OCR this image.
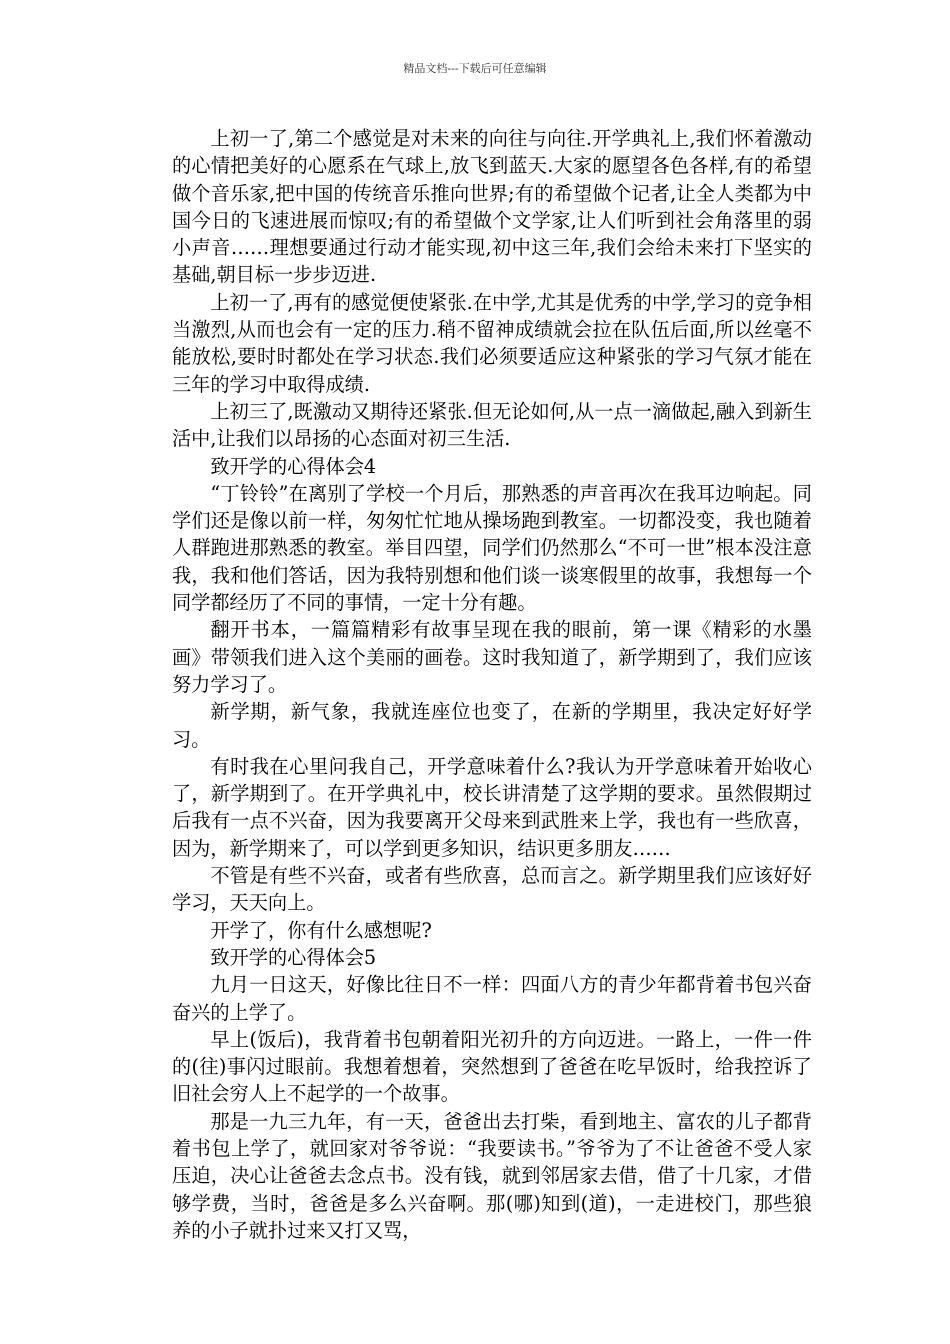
精品文档---下载后可任意编辑

上初一了,第二个感觉是对未来的向往与向往.开学典礼上,我们怀着激动的心情把美好的心愿系在气球上,放飞到蓝天.大家的愿望各色各样,有的希望做个音乐家,把中国的传统音乐推向世界;有的希望做个记者,让全人类都为中国今日的飞速进展而惊叹;有的希望做个文学家,让人们听到社会角落里的弱小声音……理想要通过行动才能实现,初中这三年,我们会给未来打下坚实的基础,朝目标一步步迈进.

上初一了,再有的感觉便使紧张.在中学,尤其是优秀的中学,学习的竞争相当激烈,从而也会有一定的压力.稍不留神成绩就会拉在队伍后面,所以丝毫不能放松,要时时都处在学习状态.我们必须要适应这种紧张的学习气氛才能在三年的学习中取得成绩.

上初三了,既激动又期待还紧张.但无论如何,从一点一滴做起,融入到新生活中,让我们以昂扬的心态面对初三生活.

致开学的心得体会4

“丁铃铃”在离别了学校一个月后，那熟悉的声音再次在我耳边响起。同学们还是像以前一样，匆匆忙忙地从操场跑到教室。一切都没变，我也随着人群跑进那熟悉的教室。举目四望，同学们仍然那么“不可一世”根本没注意我，我和他们答话，因为我特别想和他们谈一谈寒假里的故事，我想每一个同学都经历了不同的事情，一定十分有趣。

翻开书本，一篇篇精彩有故事呈现在我的眼前，第一课《精彩的水墨画》带领我们进入这个美丽的画卷。这时我知道了，新学期到了，我们应该努力学习了。

新学期，新气象，我就连座位也变了，在新的学期里，我决定好好学习。

有时我在心里问我自己，开学意味着什么?我认为开学意味着开始收心了，新学期到了。在开学典礼中，校长讲清楚了这学期的要求。虽然假期过后我有一点不兴奋，因为我要离开父母来到武胜来上学，我也有一些欣喜，因为，新学期来了，可以学到更多知识，结识更多朋友……

不管是有些不兴奋，或者有些欣喜，总而言之。新学期里我们应该好好学习，天天向上。

开学了，你有什么感想呢?

致开学的心得体会5

九月一日这天，好像比往日不一样：四面八方的青少年都背着书包兴奋奋兴的上学了。

早上(饭后)，我背着书包朝着阳光初升的方向迈进。一路上，一件一件的(往)事闪过眼前。我想着想着，突然想到了爸爸在吃早饭时，给我控诉了旧社会穷人上不起学的一个故事。

那是一九三九年，有一天，爸爸出去打柴，看到地主、富农的儿子都背着书包上学了，就回家对爷爷说：“我要读书。”爷爷为了不让爸爸不受人家压迫，决心让爸爸去念点书。没有钱，就到邻居家去借，借了十几家，才借够学费，当时，爸爸是多么兴奋啊。那(哪)知到(道)，一走进校门，那些狼养的小子就扑过来又打又骂，
